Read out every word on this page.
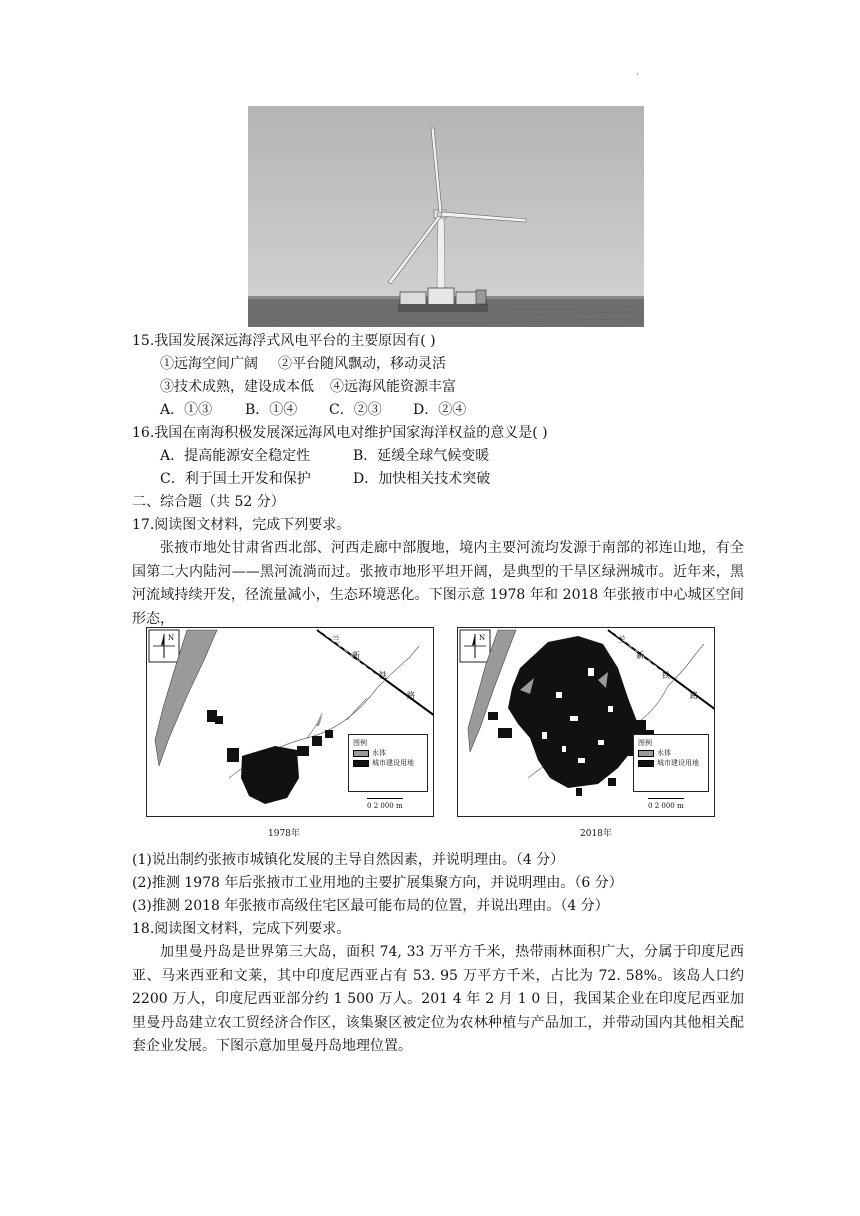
·
15.我国发展深远海浮式风电平台的主要原因有( )
①远海空间广阔 ②平台随风飘动，移动灵活
③技术成熟，建设成本低 ④远海风能资源丰富
A．①③ B．①④ C．②③ D．②④
16.我国在南海积极发展深远海风电对维护国家海洋权益的意义是( )
A．提高能源安全稳定性	B．延缓全球气候变暖
C．利于国土开发和保护	D．加快相关技术突破
二、综合题（共 52 分）
17.阅读图文材料，完成下列要求。
张掖市地处甘肃省西北部、河西走廊中部腹地，境内主要河流均发源于南部的祁连山地，有全国第二大内陆河——黑河流淌而过。张掖市地形平坦开阔，是典型的干旱区绿洲城市。近年来，黑河流域持续开发，径流量减小，生态环境恶化。下图示意 1978 年和 2018 年张掖市中心城区空间形态，
N	兰
新
铁
路
图例
水体
城市建设用地
0 2 000 m
1978年
N	兰
新
铁
路
图例
水体
城市建设用地
0 2 000 m
2018年
(1)说出制约张掖市城镇化发展的主导自然因素，并说明理由。（4 分）
(2)推测 1978 年后张掖市工业用地的主要扩展集聚方向，并说明理由。（6 分）
(3)推测 2018 年张掖市高级住宅区最可能布局的位置，并说出理由。（4 分）
18.阅读图文材料，完成下列要求。
加里曼丹岛是世界第三大岛，面积 74, 33 万平方千米，热带雨林面积广大，分属于印度尼西亚、马来西亚和文莱，其中印度尼西亚占有 53. 95 万平方千米，占比为 72. 58%。该岛人口约 2200 万人，印度尼西亚部分约 1 500 万人。201 4 年 2 月 1 0 日，我国某企业在印度尼西亚加里曼丹岛建立农工贸经济合作区，该集聚区被定位为农林种植与产品加工，并带动国内其他相关配套企业发展。下图示意加里曼丹岛地理位置。
